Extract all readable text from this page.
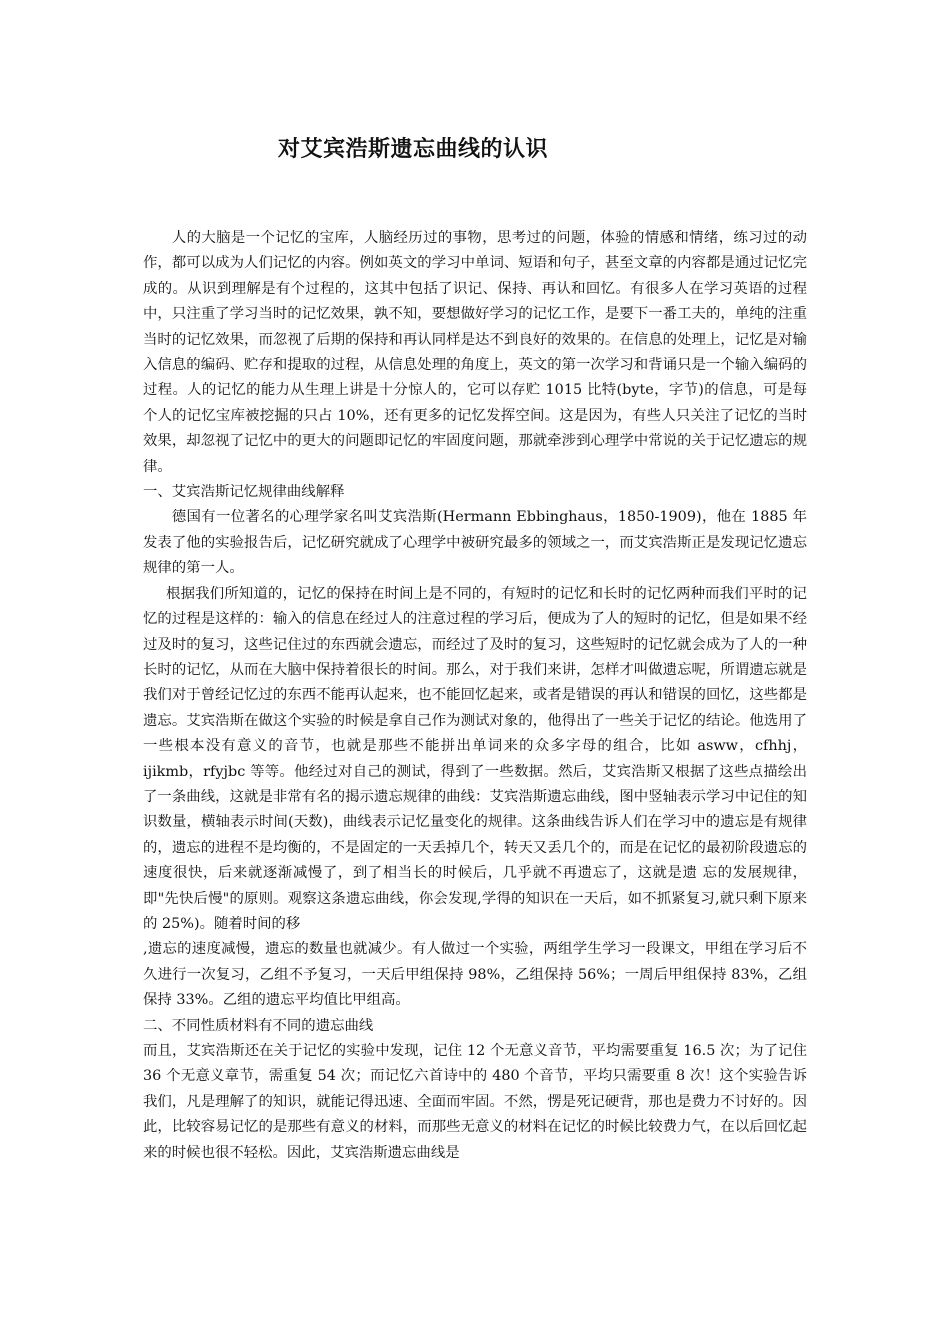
对艾宾浩斯遗忘曲线的认识

人的大脑是一个记忆的宝库，人脑经历过的事物，思考过的问题，体验的情感和情绪，练习过的动作，都可以成为人们记忆的内容。例如英文的学习中单词、短语和句子，甚至文章的内容都是通过记忆完成的。从识到理解是有个过程的，这其中包括了识记、保持、再认和回忆。有很多人在学习英语的过程中，只注重了学习当时的记忆效果，孰不知，要想做好学习的记忆工作，是要下一番工夫的，单纯的注重当时的记忆效果，而忽视了后期的保持和再认同样是达不到良好的效果的。在信息的处理上，记忆是对输入信息的编码、贮存和提取的过程，从信息处理的角度上，英文的第一次学习和背诵只是一个输入编码的过程。人的记忆的能力从生理上讲是十分惊人的，它可以存贮 1015 比特(byte，字节)的信息，可是每个人的记忆宝库被挖掘的只占 10%，还有更多的记忆发挥空间。这是因为，有些人只关注了记忆的当时效果，却忽视了记忆中的更大的问题即记忆的牢固度问题，那就牵涉到心理学中常说的关于记忆遗忘的规律。

一、艾宾浩斯记忆规律曲线解释

德国有一位著名的心理学家名叫艾宾浩斯(Hermann Ebbinghaus，1850-1909)，他在 1885 年发表了他的实验报告后，记忆研究就成了心理学中被研究最多的领域之一，而艾宾浩斯正是发现记忆遗忘规律的第一人。

根据我们所知道的，记忆的保持在时间上是不同的，有短时的记忆和长时的记忆两种而我们平时的记忆的过程是这样的：输入的信息在经过人的注意过程的学习后，便成为了人的短时的记忆，但是如果不经过及时的复习，这些记住过的东西就会遗忘，而经过了及时的复习，这些短时的记忆就会成为了人的一种长时的记忆，从而在大脑中保持着很长的时间。那么，对于我们来讲，怎样才叫做遗忘呢，所谓遗忘就是我们对于曾经记忆过的东西不能再认起来，也不能回忆起来，或者是错误的再认和错误的回忆，这些都是遗忘。艾宾浩斯在做这个实验的时候是拿自己作为测试对象的，他得出了一些关于记忆的结论。他选用了一些根本没有意义的音节，也就是那些不能拼出单词来的众多字母的组合，比如 asww，cfhhj，ijikmb，rfyjbc 等等。他经过对自己的测试，得到了一些数据。然后，艾宾浩斯又根据了这些点描绘出了一条曲线，这就是非常有名的揭示遗忘规律的曲线：艾宾浩斯遗忘曲线，图中竖轴表示学习中记住的知识数量，横轴表示时间(天数)，曲线表示记忆量变化的规律。这条曲线告诉人们在学习中的遗忘是有规律的，遗忘的进程不是均衡的，不是固定的一天丢掉几个，转天又丢几个的，而是在记忆的最初阶段遗忘的速度很快，后来就逐渐减慢了，到了相当长的时候后，几乎就不再遗忘了，这就是遗 忘的发展规律，即"先快后慢"的原则。观察这条遗忘曲线，你会发现,学得的知识在一天后，如不抓紧复习,就只剩下原来的 25%)。随着时间的移

,遗忘的速度减慢，遗忘的数量也就减少。有人做过一个实验，两组学生学习一段课文，甲组在学习后不久进行一次复习，乙组不予复习，一天后甲组保持 98%，乙组保持 56%；一周后甲组保持 83%，乙组保持 33%。乙组的遗忘平均值比甲组高。

二、不同性质材料有不同的遗忘曲线

而且，艾宾浩斯还在关于记忆的实验中发现，记住 12 个无意义音节，平均需要重复 16.5 次；为了记住 36 个无意义章节，需重复 54 次；而记忆六首诗中的 480 个音节，平均只需要重 8 次！这个实验告诉我们，凡是理解了的知识，就能记得迅速、全面而牢固。不然，愣是死记硬背，那也是费力不讨好的。因此，比较容易记忆的是那些有意义的材料，而那些无意义的材料在记忆的时候比较费力气，在以后回忆起来的时候也很不轻松。因此，艾宾浩斯遗忘曲线是
